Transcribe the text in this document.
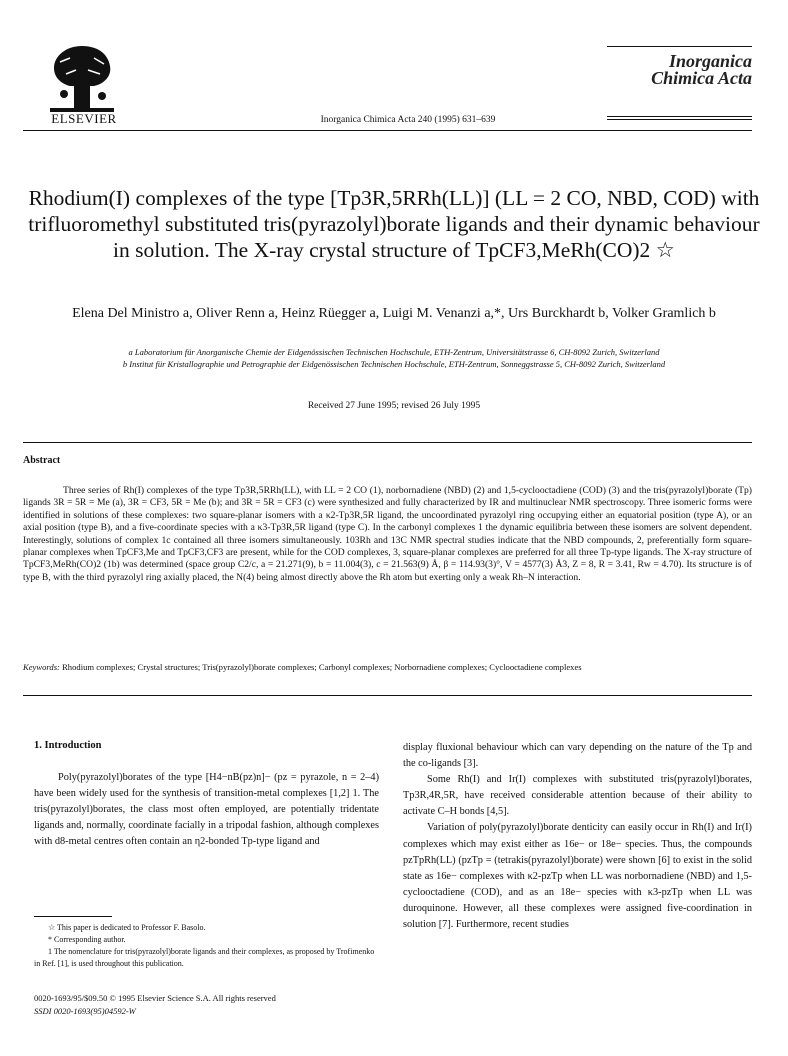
ELSEVIER	Inorganica Chimica Acta 240 (1995) 631–639
Inorganica
Chimica Acta
Rhodium(I) complexes of the type [Tp3R,5RRh(LL)] (LL = 2 CO, NBD, COD) with trifluoromethyl substituted tris(pyrazolyl)borate ligands and their dynamic behaviour in solution. The X-ray crystal structure of TpCF3,MeRh(CO)2 ☆
Elena Del Ministro a, Oliver Renn a, Heinz Rüegger a, Luigi M. Venanzi a,*, Urs Burckhardt b, Volker Gramlich b
a Laboratorium für Anorganische Chemie der Eidgenössischen Technischen Hochschule, ETH-Zentrum, Universitätstrasse 6, CH-8092 Zurich, Switzerland
b Institut für Kristallographie und Petrographie der Eidgenössischen Technischen Hochschule, ETH-Zentrum, Sonneggstrasse 5, CH-8092 Zurich, Switzerland
Received 27 June 1995; revised 26 July 1995
Abstract
Three series of Rh(I) complexes of the type Tp3R,5RRh(LL), with LL = 2 CO (1), norbornadiene (NBD) (2) and 1,5-cyclooctadiene (COD) (3) and the tris(pyrazolyl)borate (Tp) ligands 3R = 5R = Me (a), 3R = CF3, 5R = Me (b); and 3R = 5R = CF3 (c) were synthesized and fully characterized by IR and multinuclear NMR spectroscopy. Three isomeric forms were identified in solutions of these complexes: two square-planar isomers with a κ2-Tp3R,5R ligand, the uncoordinated pyrazolyl ring occupying either an equatorial position (type A), or an axial position (type B), and a five-coordinate species with a κ3-Tp3R,5R ligand (type C). In the carbonyl complexes 1 the dynamic equilibria between these isomers are solvent dependent. Interestingly, solutions of complex 1c contained all three isomers simultaneously. 103Rh and 13C NMR spectral studies indicate that the NBD compounds, 2, preferentially form square-planar complexes when TpCF3,Me and TpCF3,CF3 are present, while for the COD complexes, 3, square-planar complexes are preferred for all three Tp-type ligands. The X-ray structure of TpCF3,MeRh(CO)2 (1b) was determined (space group C2/c, a = 21.271(9), b = 11.004(3), c = 21.563(9) Å, β = 114.93(3)°, V = 4577(3) Å3, Z = 8, R = 3.41, Rw = 4.70). Its structure is of type B, with the third pyrazolyl ring axially placed, the N(4) being almost directly above the Rh atom but exerting only a weak Rh–N interaction.
Keywords: Rhodium complexes; Crystal structures; Tris(pyrazolyl)borate complexes; Carbonyl complexes; Norbornadiene complexes; Cyclooctadiene complexes
1. Introduction

Poly(pyrazolyl)borates of the type [H4−nB(pz)n]− (pz = pyrazole, n = 2–4) have been widely used for the synthesis of transition-metal complexes [1,2] 1. The tris(pyrazolyl)borates, the class most often employed, are potentially tridentate ligands and, normally, coordinate facially in a tripodal fashion, although complexes with d8-metal centres often contain an η2-bonded Tp-type ligand and

display fluxional behaviour which can vary depending on the nature of the Tp and the co-ligands [3].

Some Rh(I) and Ir(I) complexes with substituted tris(pyrazolyl)borates, Tp3R,4R,5R, have received considerable attention because of their ability to activate C–H bonds [4,5].

Variation of poly(pyrazolyl)borate denticity can easily occur in Rh(I) and Ir(I) complexes which may exist either as 16e− or 18e− species. Thus, the compounds pzTpRh(LL) (pzTp = (tetrakis(pyrazolyl)borate) were shown [6] to exist in the solid state as 16e− complexes with κ2-pzTp when LL was norbornadiene (NBD) and 1,5-cyclooctadiene (COD), and as an 18e− species with κ3-pzTp when LL was duroquinone. However, all these complexes were assigned five-coordination in solution [7]. Furthermore, recent studies

☆ This paper is dedicated to Professor F. Basolo.

* Corresponding author.

1 The nomenclature for tris(pyrazolyl)borate ligands and their complexes, as proposed by Trofimenko in Ref. [1], is used throughout this publication.

0020-1693/95/$09.50 © 1995 Elsevier Science S.A. All rights reserved
SSDI 0020-1693(95)04592-W
